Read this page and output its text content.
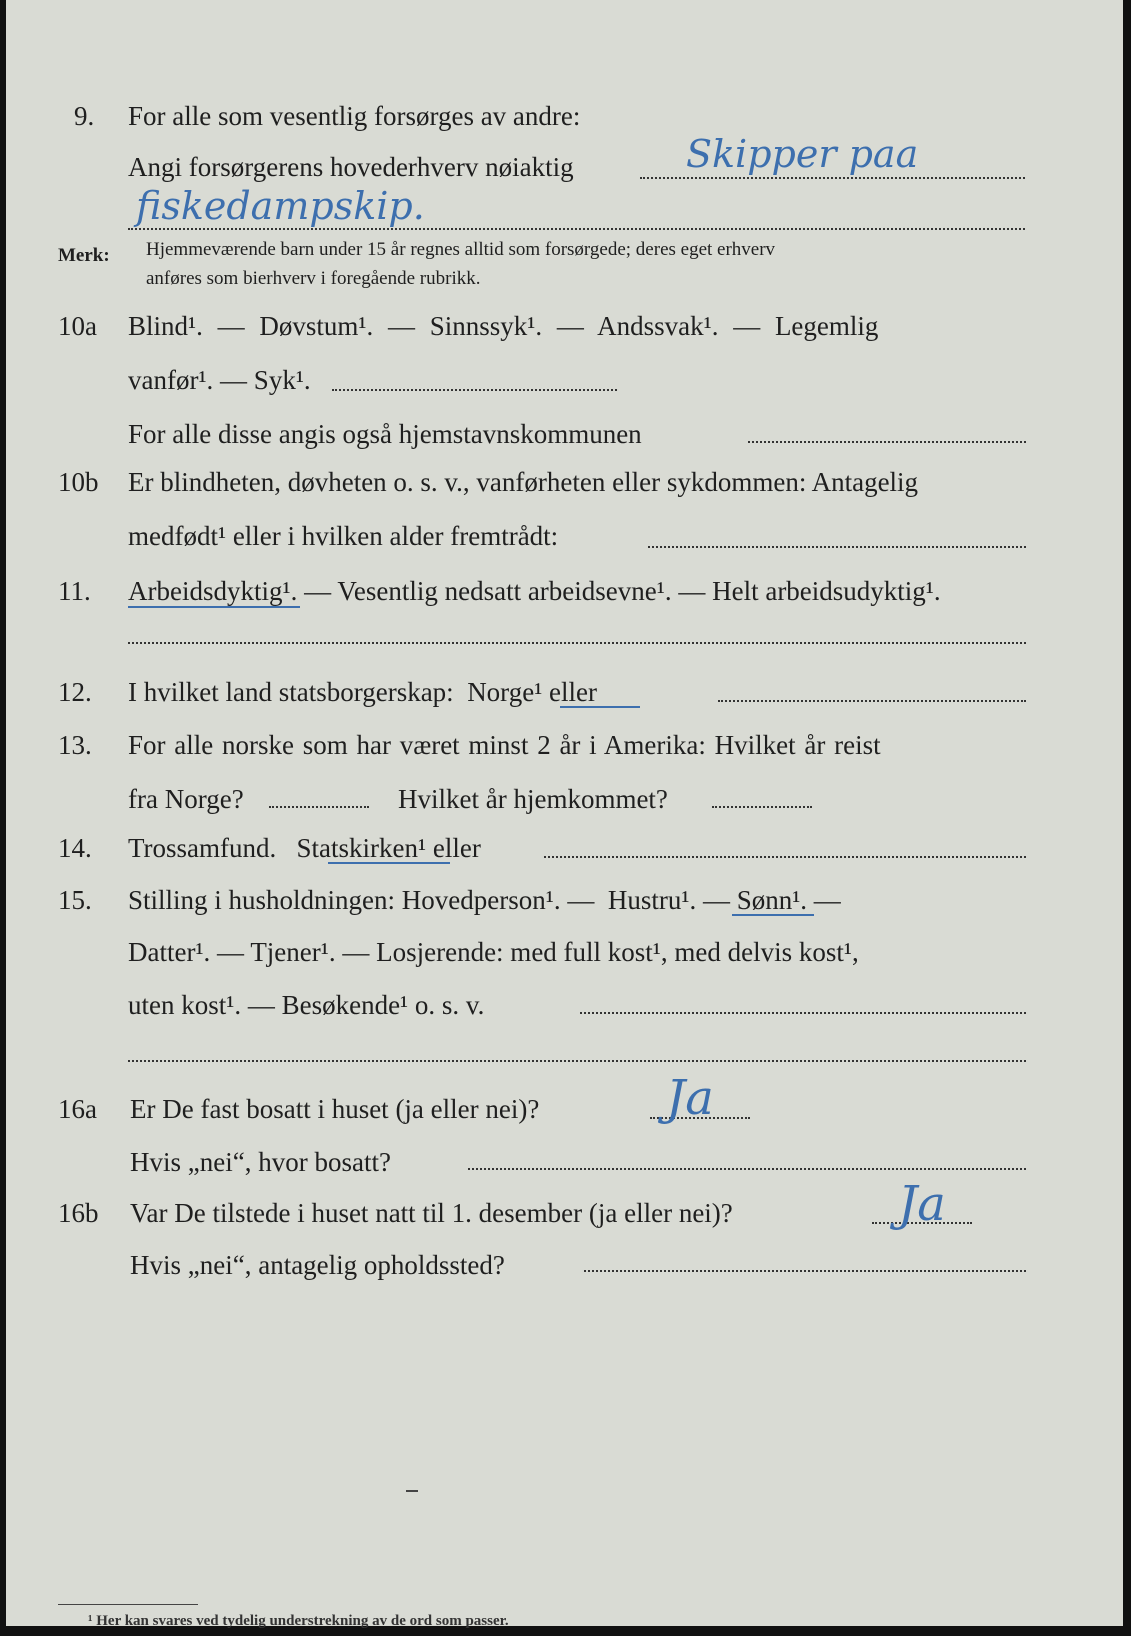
9. For alle som vesentlig forsørges av andre:
Angi forsørgerens hovederhverv nøiaktig	Skipper paa
fiskedampskip.
Merk: Hjemmeværende barn under 15 år regnes alltid som forsørgede; deres eget erhverv
anføres som bierhverv i foregående rubrikk.
10a Blind¹. — Døvstum¹. — Sinnssyk¹. — Andssvak¹. — Legemlig
vanfør¹. — Syk¹.
For alle disse angis også hjemstavnskommunen
10b Er blindheten, døvheten o. s. v., vanførheten eller sykdommen: Antagelig
medfødt¹ eller i hvilken alder fremtrådt:
11. Arbeidsdyktig¹. — Vesentlig nedsatt arbeidsevne¹. — Helt arbeidsudyktig¹.
12. I hvilket land statsborgerskap: Norge¹ eller
13. For alle norske som har været minst 2 år i Amerika: Hvilket år reist
fra Norge?	Hvilket år hjemkommet?
14. Trossamfund. Statskirken¹ eller
15. Stilling i husholdningen: Hovedperson¹. — Hustru¹. — Sønn¹. —
Datter¹. — Tjener¹. — Losjerende: med full kost¹, med delvis kost¹,
uten kost¹. — Besøkende¹ o. s. v.
16a Er De fast bosatt i huset (ja eller nei)?	Ja
Hvis „nei“, hvor bosatt?
16b Var De tilstede i huset natt til 1. desember (ja eller nei)?	Ja
Hvis „nei“, antagelig opholdssted?
¹ Her kan svares ved tydelig understrekning av de ord som passer.
